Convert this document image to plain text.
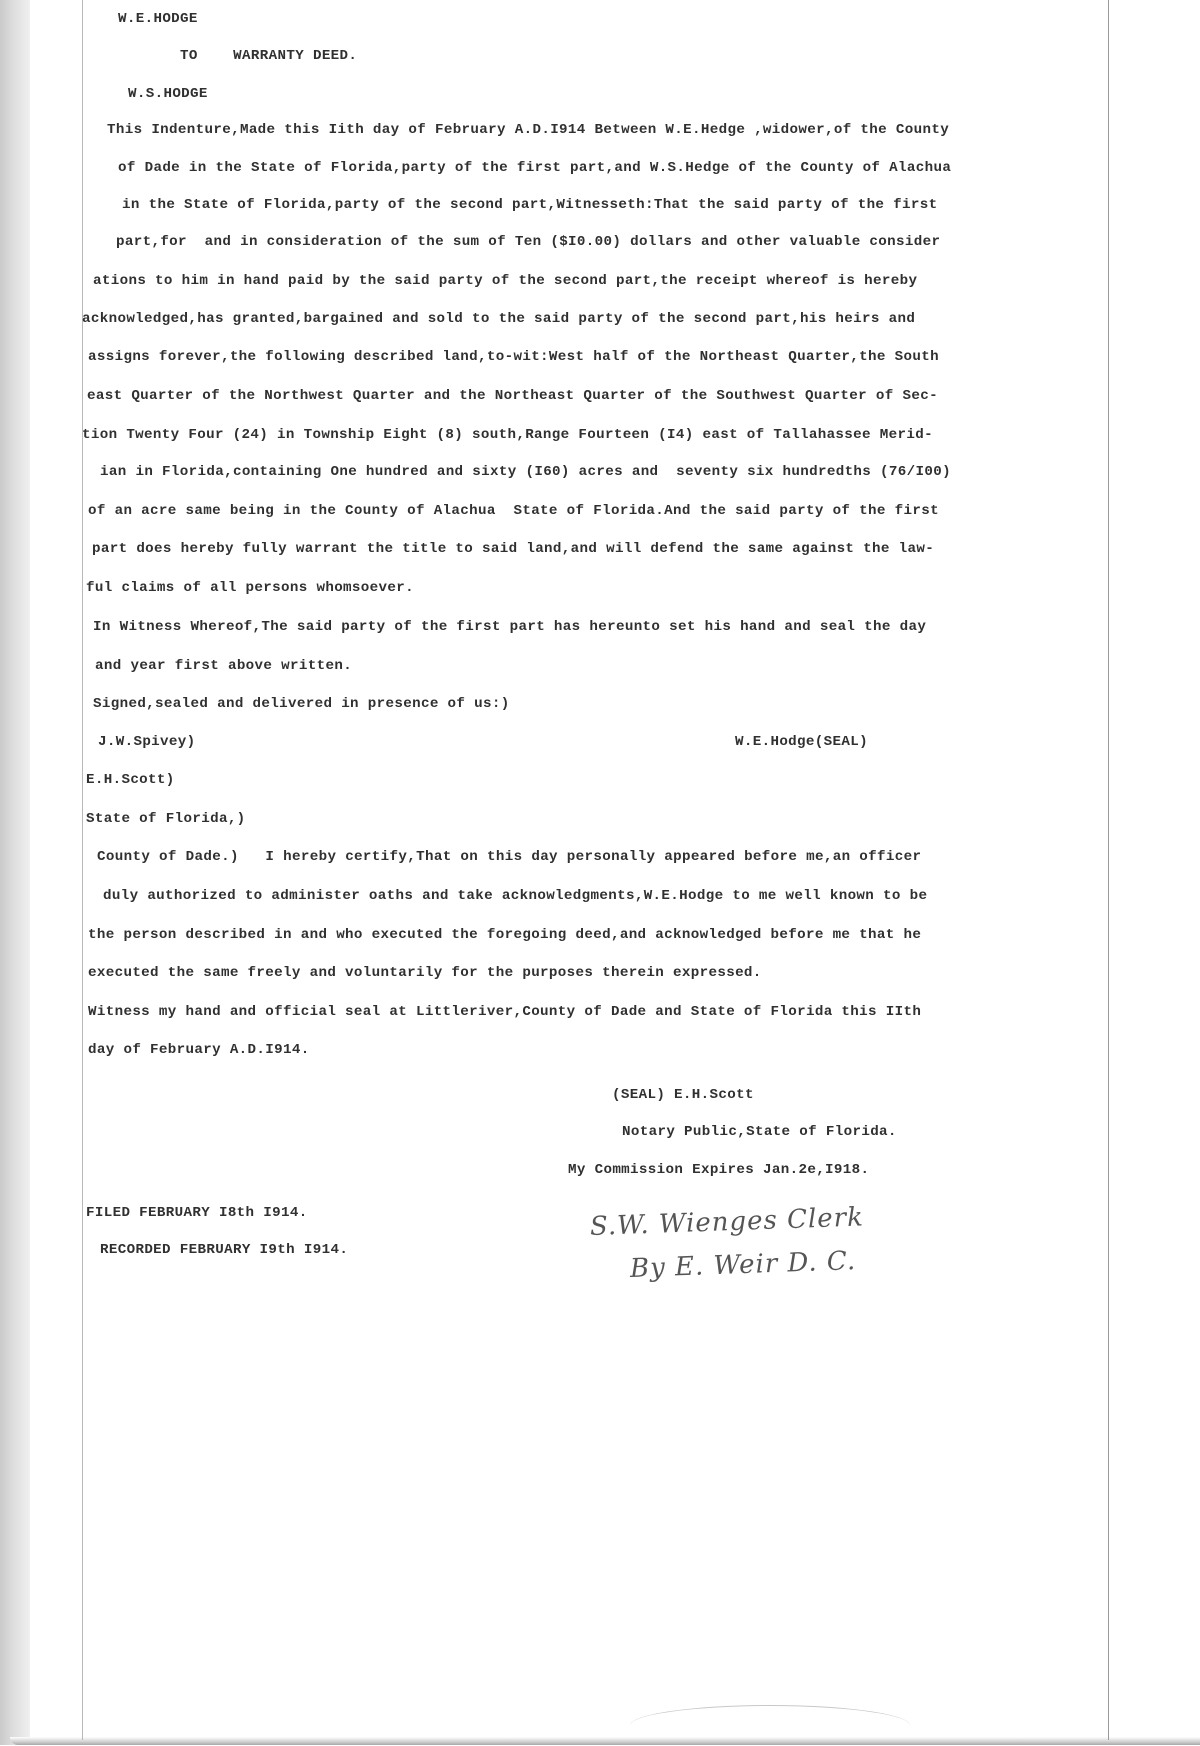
W.E.HODGE
TO    WARRANTY DEED.
W.S.HODGE
This Indenture,Made this Iith day of February A.D.I914 Between W.E.Hedge ,widower,of the County
of Dade in the State of Florida,party of the first part,and W.S.Hedge of the County of Alachua
in the State of Florida,party of the second part,Witnesseth:That the said party of the first
part,for  and in consideration of the sum of Ten ($I0.00) dollars and other valuable consider
ations to him in hand paid by the said party of the second part,the receipt whereof is hereby
acknowledged,has granted,bargained and sold to the said party of the second part,his heirs and
assigns forever,the following described land,to-wit:West half of the Northeast Quarter,the South
east Quarter of the Northwest Quarter and the Northeast Quarter of the Southwest Quarter of Sec-
tion Twenty Four (24) in Township Eight (8) south,Range Fourteen (I4) east of Tallahassee Merid-
ian in Florida,containing One hundred and sixty (I60) acres and  seventy six hundredths (76/I00)
of an acre same being in the County of Alachua  State of Florida.And the said party of the first
part does hereby fully warrant the title to said land,and will defend the same against the law-
ful claims of all persons whomsoever.
In Witness Whereof,The said party of the first part has hereunto set his hand and seal the day
and year first above written.
Signed,sealed and delivered in presence of us:)
J.W.Spivey)	W.E.Hodge(SEAL)
E.H.Scott)
State of Florida,)
County of Dade.)   I hereby certify,That on this day personally appeared before me,an officer
duly authorized to administer oaths and take acknowledgments,W.E.Hodge to me well known to be
the person described in and who executed the foregoing deed,and acknowledged before me that he
executed the same freely and voluntarily for the purposes therein expressed.
Witness my hand and official seal at Littleriver,County of Dade and State of Florida this IIth
day of February A.D.I914.
(SEAL) E.H.Scott
Notary Public,State of Florida.
My Commission Expires Jan.2e,I918.
FILED FEBRUARY I8th I914.
RECORDED FEBRUARY I9th I914.
S.W. Wienges Clerk
By E. Weir D. C.
